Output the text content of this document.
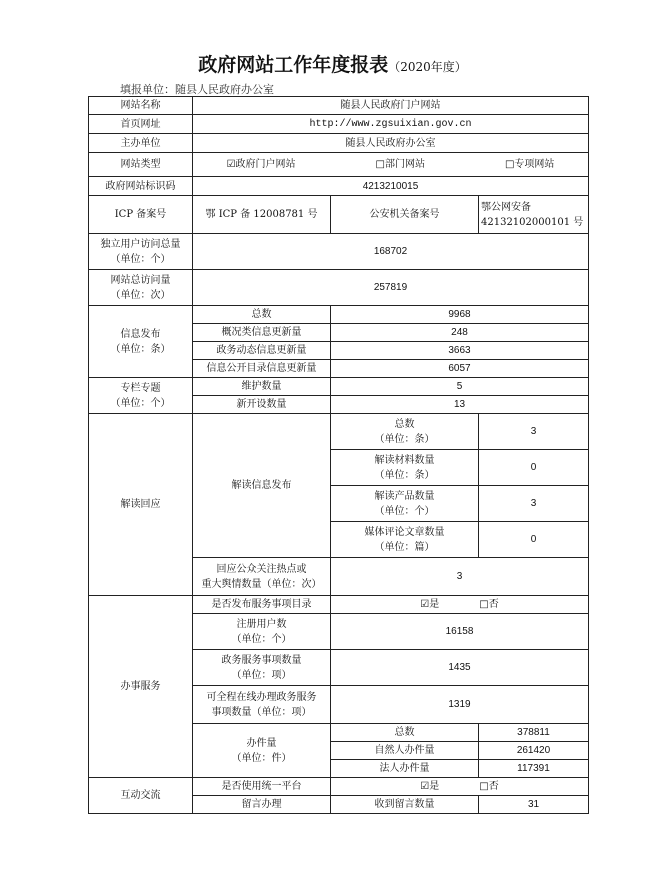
政府网站工作年度报表（2020年度）
填报单位：随县人民政府办公室
网站名称	随县人民政府门户网站		
首页网址	http://www.zgsuixian.gov.cn		
主办单位	随县人民政府办公室		
网站类型	☑政府门户网站 □部门网站 □专项网站		
政府网站标识码	4213210015		
ICP 备案号	鄂 ICP 备 12008781 号	公安机关备案号	鄂公网安备 42132102000101 号
独立用户访问总量
（单位：个）	168702		
网站总访问量
（单位：次）	257819		
信息发布
（单位：条）	总数	9968	
	概况类信息更新量	248	
	政务动态信息更新量	3663	
	信息公开目录信息更新量	6057	
专栏专题
（单位：个）	维护数量	5	
	新开设数量	13	
解读回应	解读信息发布	总数
（单位：条）	3
		解读材料数量
（单位：条）	0
		解读产品数量
（单位：个）	3
		媒体评论文章数量
（单位：篇）	0
	回应公众关注热点或
重大舆情数量（单位：次）	3	
办事服务	是否发布服务事项目录	☑是 □否	
	注册用户数
（单位：个）	16158	
	政务服务事项数量
（单位：项）	1435	
	可全程在线办理政务服务
事项数量（单位：项）	1319	
	办件量
（单位：件）	总数	378811
		自然人办件量	261420
		法人办件量	117391
互动交流	是否使用统一平台	☑是 □否	
	留言办理	收到留言数量	31
